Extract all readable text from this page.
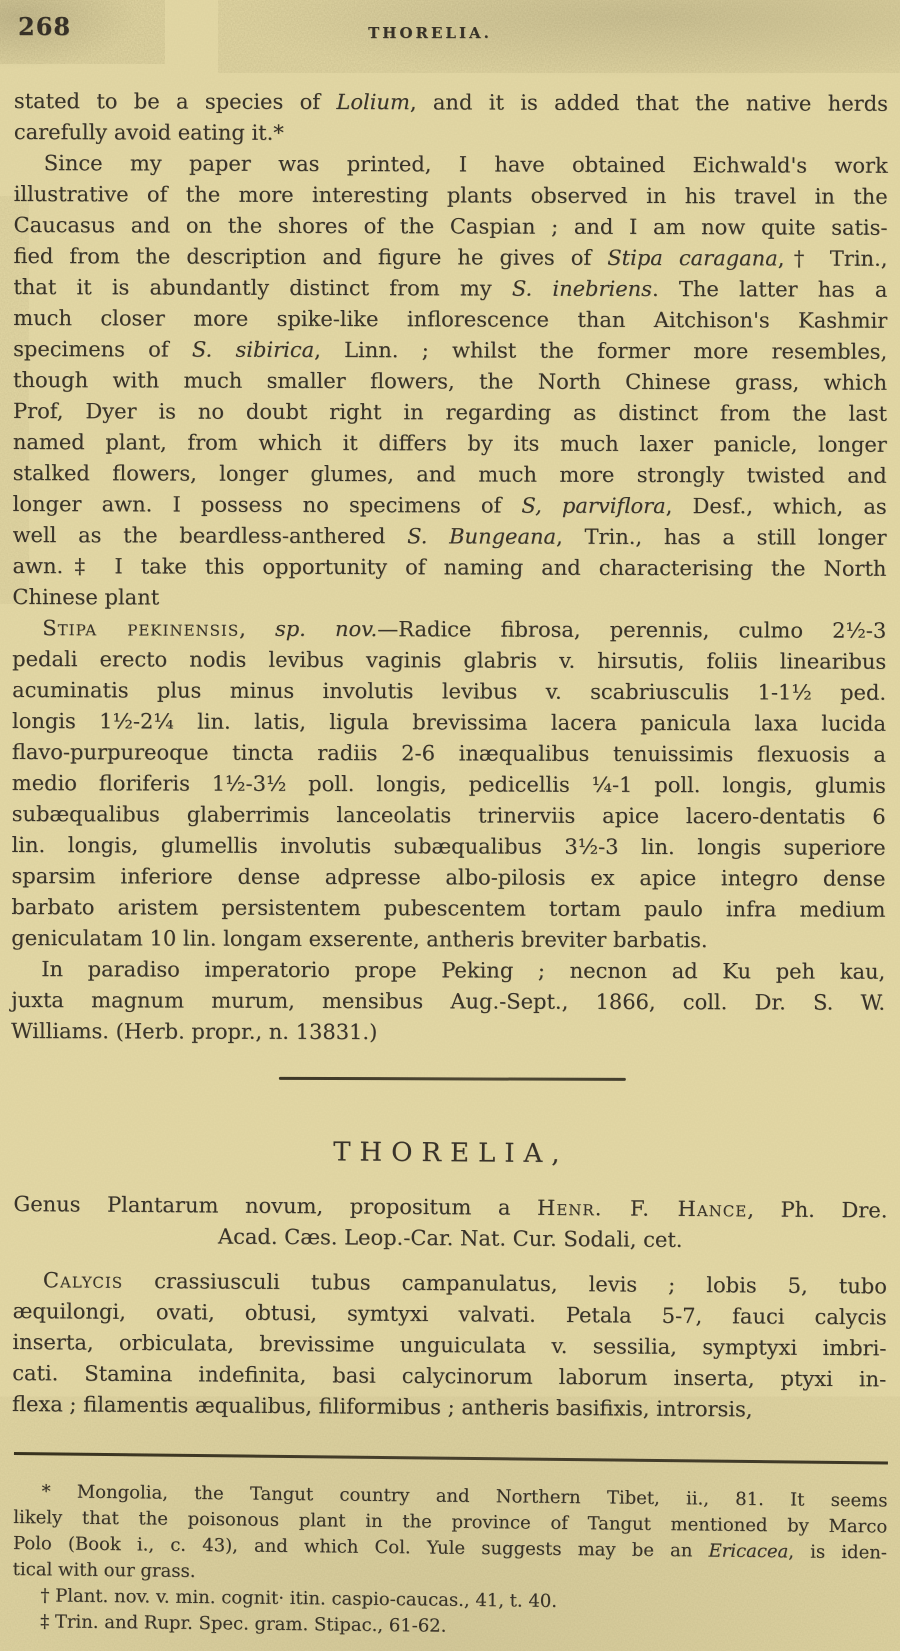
268	THORELIA.
stated to be a species of Lolium, and it is added that the native herds
carefully avoid eating it.*
Since my paper was printed, I have obtained Eichwald's work
illustrative of the more interesting plants observed in his travel in the
Caucasus and on the shores of the Caspian ; and I am now quite satis-
fied from the description and figure he gives of Stipa caragana,† Trin.,
that it is abundantly distinct from my S. inebriens. The latter has a
much closer more spike-like inflorescence than Aitchison's Kashmir
specimens of S. sibirica, Linn. ; whilst the former more resembles,
though with much smaller flowers, the North Chinese grass, which
Prof, Dyer is no doubt right in regarding as distinct from the last
named plant, from which it differs by its much laxer panicle, longer
stalked flowers, longer glumes, and much more strongly twisted and
longer awn. I possess no specimens of S, parviflora, Desf., which, as
well as the beardless-anthered S. Bungeana, Trin., has a still longer
awn.‡ I take this opportunity of naming and characterising the North
Chinese plant
Stipa pekinensis, sp. nov.—Radice fibrosa, perennis, culmo 2½-3
pedali erecto nodis levibus vaginis glabris v. hirsutis, foliis linearibus
acuminatis plus minus involutis levibus v. scabriusculis 1-1½ ped.
longis 1½-2¼ lin. latis, ligula brevissima lacera panicula laxa lucida
flavo-purpureoque tincta radiis 2-6 inæqualibus tenuissimis flexuosis a
medio floriferis 1½-3½ poll. longis, pedicellis ¼-1 poll. longis, glumis
subæqualibus glaberrimis lanceolatis trinerviis apice lacero-dentatis 6
lin. longis, glumellis involutis subæqualibus 3½-3 lin. longis superiore
sparsim inferiore dense adpresse albo-pilosis ex apice integro dense
barbato aristem persistentem pubescentem tortam paulo infra medium
geniculatam 10 lin. longam exserente, antheris breviter barbatis.
In paradiso imperatorio prope Peking ; necnon ad Ku peh kau,
juxta magnum murum, mensibus Aug.-Sept., 1866, coll. Dr. S. W.
Williams. (Herb. propr., n. 13831.)
THORELIA,
Genus Plantarum novum, propositum a Henr. F. Hance, Ph. Dre.
Acad. Cæs. Leop.-Car. Nat. Cur. Sodali, cet.
Calycis crassiusculi tubus campanulatus, levis ; lobis 5, tubo
æquilongi, ovati, obtusi, symtyxi valvati. Petala 5-7, fauci calycis
inserta, orbiculata, brevissime unguiculata v. sessilia, symptyxi imbri-
cati. Stamina indefinita, basi calycinorum laborum inserta, ptyxi in-
flexa ; filamentis æqualibus, filiformibus ; antheris basifixis, introrsis,
* Mongolia, the Tangut country and Northern Tibet, ii., 81. It seems
likely that the poisonous plant in the province of Tangut mentioned by Marco
Polo (Book i., c. 43), and which Col. Yule suggests may be an Ericacea, is iden-
tical with our grass.
† Plant. nov. v. min. cognit· itin. caspio-caucas., 41, t. 40.
‡ Trin. and Rupr. Spec. gram. Stipac., 61-62.
